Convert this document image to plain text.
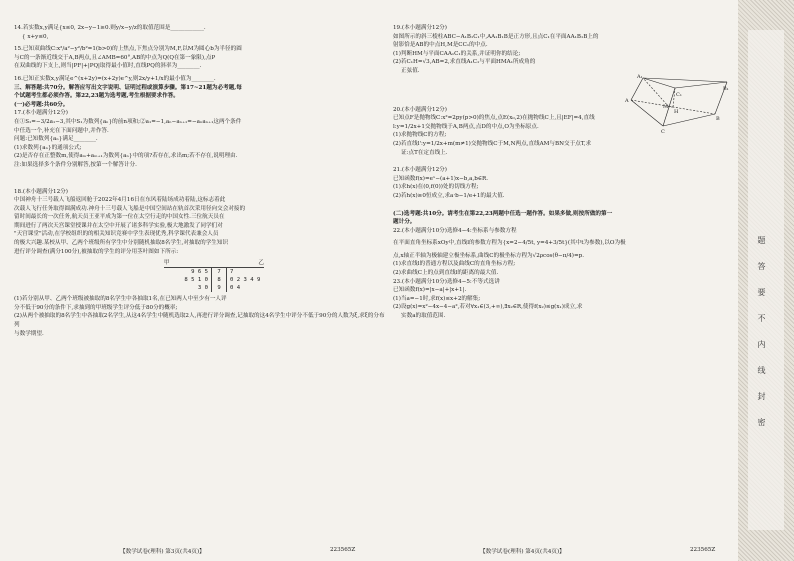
14.若实数x,y满足{x≤0, 2x−y−1≥0.则y/x−y/z的取值范围是____________.

{ x+y≤0,

15.已知双曲线C:x²/a²−y²/b²=1(b>0)的上焦点,下焦点分别为M,F,以M为圆心b为半径的圆

与C的一条渐近线交于A,B两点,且∠AMB=60°,AB的中点为Q(Q在第一象限),点P

在双曲线的下支上,则当|PF|+|PQ|取得最小值时,直线PQ的斜率为________.

16.已知正实数x,y满足e^(x+2y)=(x+2y)e^y,则2x/y+1/x的最小值为________.

三、解答题:共70分。解答应写出文字说明、证明过程或演算步骤。第17~21题为必考题,每

个试题考生都必须作答。第22,23题为选考题,考生根据要求作答。

(一)必考题:共60分。

17.(本小题满分12分)

在①S₁=−3/2a₁−3,其中S₁为数列{aₙ}的前n项和;②a₁=−1,aₙ−aₙ₊₁=−aₙaₙ₊₁这两个条件

中任选一个,补充在下面问题中,并作答.

问题:已知数列{aₙ}满足________.

(1)求数列{aₙ}的通项公式;

(2)是否存在正整数m,使得aₘ+aₘ₊₁为数列{aₙ}中的项?若存在,求出m;若不存在,说明理由.

注:如果选择多个条件分别解答,按第一个解答计分.

18.(本小题满分12分)

中国神舟十三号载人飞船返回舱于2022年4月16日在东风着陆场成功着陆,这标志着此

次载人飞行任务取得圆满成功.神舟十三号载人飞船是中国空间站在轨首次采用径向交会对接的

留时间最长的一次任务,航天员王亚平成为第一位在太空行走的中国女性.三位航天员在

期间进行了两次天宫课堂授课并在太空中开展了诸多科学实验,极大地激发了同学们对

"天宫课堂"活动,在学校组织的的相关知识竞赛中学生表现优秀,科学课代表兼会人员

的极大兴趣.某校从甲、乙两个班级所有学生中分别随机抽取8名学生,对抽取的学生知识

进行评分调查(满分100分),被抽取的学生的评分用茎叶图如下所示:

甲	乙
9 6 5	7	7
8 5 1 0	8	0 2 3 4 9
3 0	9	0 4

(1)若分别从甲、乙两个班级被抽取的8名学生中各抽取1名,在已知两人中至少有一人评

分不低于90分的条件下,求抽到的甲班级学生评分低于80分的概率;

(2)从两个被抽取的8名学生中各抽取2名学生,从这4名学生中随机选取2人,再进行评分调查,记抽取的这4名学生中评分不低于90分的人数为ξ,求ξ的分布列

与数学期望.

19.(本小题满分12分)

如图所示的斜三棱柱ABC−A₁B₁C₁中,AA₁B₁B是正方形,且点C₁在平面AA₁B₁B上的

射影恰是AB的中点H,M是CC₁的中点.

(1)判断HM与平面CAA₁C₁的关系,并证明你的结论;

(2)若C₁H=√3,AB=2,求直线A₁C₁与平面HMA₁所成角的

正弦值.

A
B
C
A₁
B₁
C₁
H
M

20.(本小题满分12分)

已知点F是抛物线C:x²=2py(p>0)的焦点,点E(x₀,2)在抛物线C上,且|EF|=4,直线

l:y=1/2x+1交抛物线于A,B两点,点D的中点,O为坐标原点.

(1)求抛物线C的方程;

(2)若直线l':y=1/2x+m(m≠1)交抛物线C于M,N两点,直线AM与BN交于点T,求

证:点T在定直线上.

21.(本小题满分12分)

已知函数f(x)=eˣ−(a+1)x−b,a,b∈R.

(1)求h(x)在(0,f(0))处的切线方程;

(2)若h(x)≥0恒成立,求a·b−1/e+1的最大值.

(二)选考题:共10分。请考生在第22,23两题中任选一题作答。如果多做,则按所做的第一

题计分。

22.(本小题满分10分)选修4−4:坐标系与参数方程

在平面直角坐标系xOy中,直线l的参数方程为{x=2−4/5t, y=4+3/5t}(其中t为参数),以O为极

点,x轴正半轴为极轴建立极坐标系,曲线C的极坐标方程为√2ρcos(θ−π/4)=p.

(1)求直线l的普通方程以及曲线C的直角坐标方程;

(2)求曲线C上的点到直线l的距离的最大值.

23.(本小题满分10分)选修4−5:不等式选讲

已知函数f(x)=|x−a|+|x+1|.

(1)当a=−1时,求f(x)≤x+2的解集;

(2)设g(x)=x²−4x−4−a²,若对∀x₁∈(3,+∞),∃x₂∈R,使得f(x₂)≤g(x₁)成立,求

实数a的取值范围.

【数学试卷(理科) 第3页(共4页)】	223565Z	【数学试卷(理科) 第4页(共4页)】	223565Z
题
答
要
不
内
线
封
密
